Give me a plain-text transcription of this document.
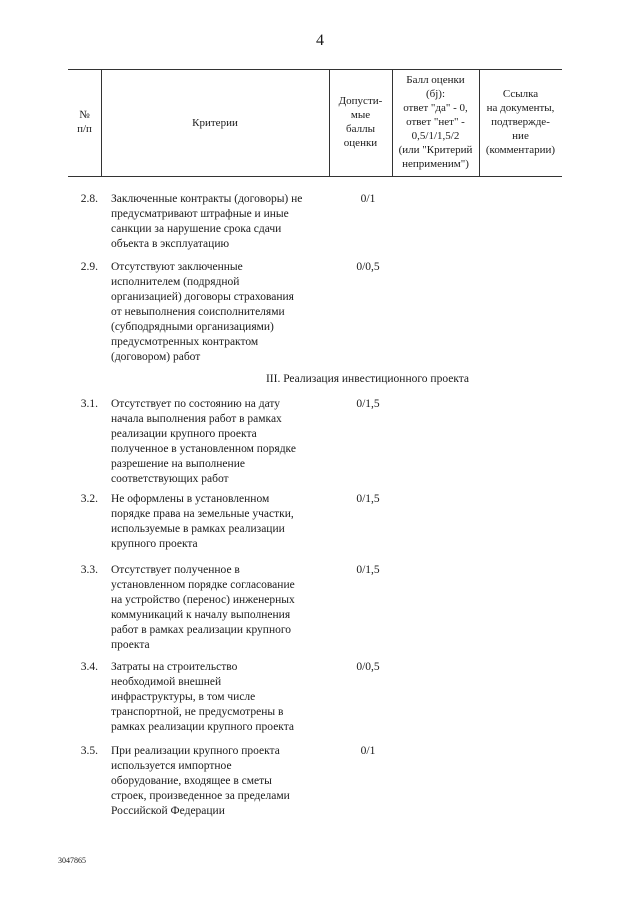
4
№
п/п	Критерии
Допусти-
мые
баллы
оценки
Балл оценки
(бj):
ответ "да" - 0,
ответ "нет" -
0,5/1/1,5/2
(или "Критерий
неприменим")
Ссылка
на документы,
подтвержде-
ние
(комментарии)
2.8. Заключенные контракты (договоры) не
предусматривают штрафные и иные
санкции за нарушение срока сдачи
объекта в эксплуатацию
0/1
2.9. Отсутствуют заключенные
исполнителем (подрядной
организацией) договоры страхования
от невыполнения соисполнителями
(субподрядными организациями)
предусмотренных контрактом
(договором) работ
0/0,5
III. Реализация инвестиционного проекта
3.1. Отсутствует по состоянию на дату
начала выполнения работ в рамках
реализации крупного проекта
полученное в установленном порядке
разрешение на выполнение
соответствующих работ
0/1,5
3.2. Не оформлены в установленном
порядке права на земельные участки,
используемые в рамках реализации
крупного проекта
0/1,5
3.3. Отсутствует полученное в
установленном порядке согласование
на устройство (перенос) инженерных
коммуникаций к началу выполнения
работ в рамках реализации крупного
проекта
0/1,5
3.4. Затраты на строительство
необходимой внешней
инфраструктуры, в том числе
транспортной, не предусмотрены в
рамках реализации крупного проекта
0/0,5
3.5. При реализации крупного проекта
используется импортное
оборудование, входящее в сметы
строек, произведенное за пределами
Российской Федерации
0/1
3047865
